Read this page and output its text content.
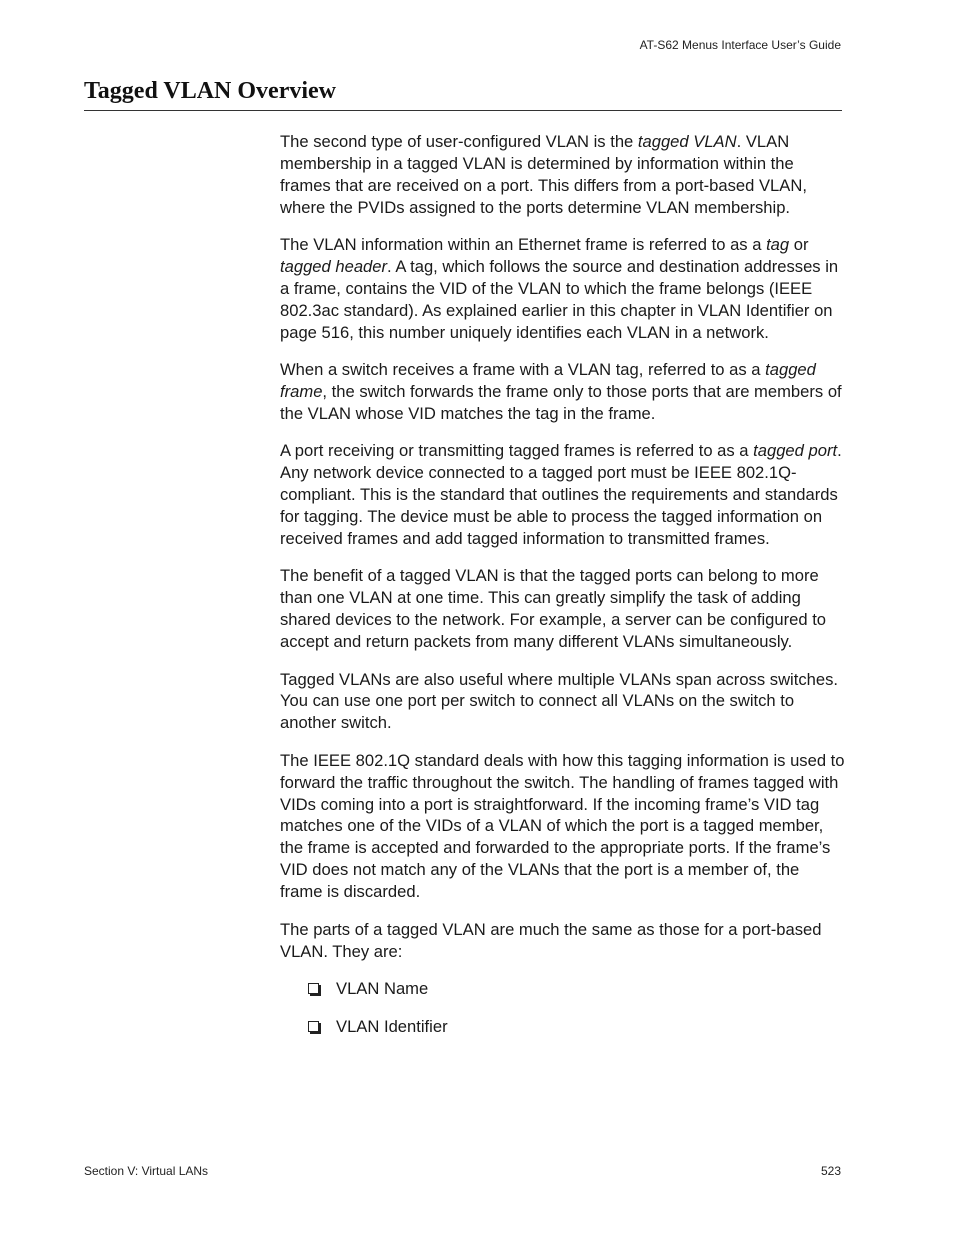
AT-S62 Menus Interface User’s Guide
Tagged VLAN Overview

The second type of user-configured VLAN is the tagged VLAN. VLAN membership in a tagged VLAN is determined by information within the frames that are received on a port. This differs from a port-based VLAN, where the PVIDs assigned to the ports determine VLAN membership.

The VLAN information within an Ethernet frame is referred to as a tag or tagged header. A tag, which follows the source and destination addresses in a frame, contains the VID of the VLAN to which the frame belongs (IEEE 802.3ac standard). As explained earlier in this chapter in VLAN Identifier on page 516, this number uniquely identifies each VLAN in a network.

When a switch receives a frame with a VLAN tag, referred to as a tagged frame, the switch forwards the frame only to those ports that are members of the VLAN whose VID matches the tag in the frame.

A port receiving or transmitting tagged frames is referred to as a tagged port. Any network device connected to a tagged port must be IEEE 802.1Q-compliant. This is the standard that outlines the requirements and standards for tagging. The device must be able to process the tagged information on received frames and add tagged information to transmitted frames.

The benefit of a tagged VLAN is that the tagged ports can belong to more than one VLAN at one time. This can greatly simplify the task of adding shared devices to the network. For example, a server can be configured to accept and return packets from many different VLANs simultaneously.

Tagged VLANs are also useful where multiple VLANs span across switches. You can use one port per switch to connect all VLANs on the switch to another switch.

The IEEE 802.1Q standard deals with how this tagging information is used to forward the traffic throughout the switch. The handling of frames tagged with VIDs coming into a port is straightforward. If the incoming frame’s VID tag matches one of the VIDs of a VLAN of which the port is a tagged member, the frame is accepted and forwarded to the appropriate ports. If the frame’s VID does not match any of the VLANs that the port is a member of, the frame is discarded.

The parts of a tagged VLAN are much the same as those for a port-based VLAN. They are:

VLAN Name
VLAN Identifier
Section V: Virtual LANs	523
